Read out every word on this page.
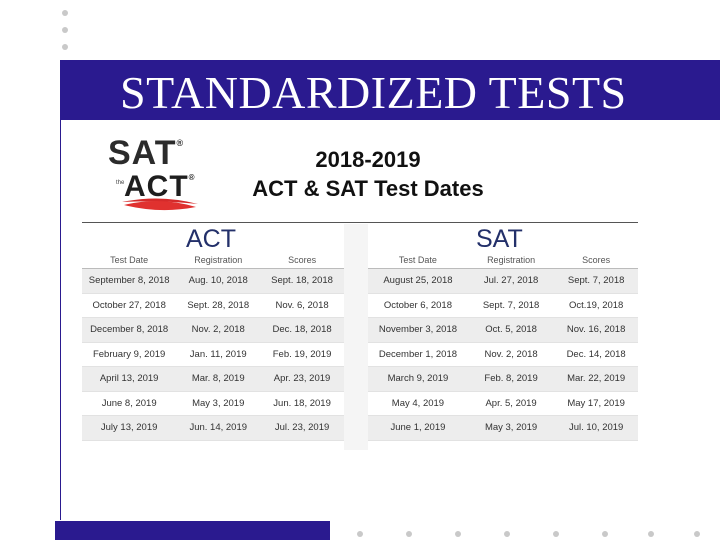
STANDARDIZED TESTS
SAT®
the ACT®
2018-2019
ACT & SAT Test Dates
ACT
Test Date	Registration	Scores
September 8, 2018	Aug. 10, 2018	Sept. 18, 2018
October 27, 2018	Sept. 28, 2018	Nov. 6, 2018
December 8, 2018	Nov. 2, 2018	Dec. 18, 2018
February 9, 2019	Jan. 11, 2019	Feb. 19, 2019
April 13, 2019	Mar. 8, 2019	Apr. 23, 2019
June 8, 2019	May 3, 2019	Jun. 18, 2019
July 13, 2019	Jun. 14, 2019	Jul. 23, 2019
SAT
Test Date	Registration	Scores
August 25, 2018	Jul. 27, 2018	Sept. 7, 2018
October 6, 2018	Sept. 7, 2018	Oct.19, 2018
November 3, 2018	Oct. 5, 2018	Nov. 16, 2018
December 1, 2018	Nov. 2, 2018	Dec. 14, 2018
March 9, 2019	Feb. 8, 2019	Mar. 22, 2019
May 4, 2019	Apr. 5, 2019	May 17, 2019
June 1, 2019	May 3, 2019	Jul. 10, 2019
